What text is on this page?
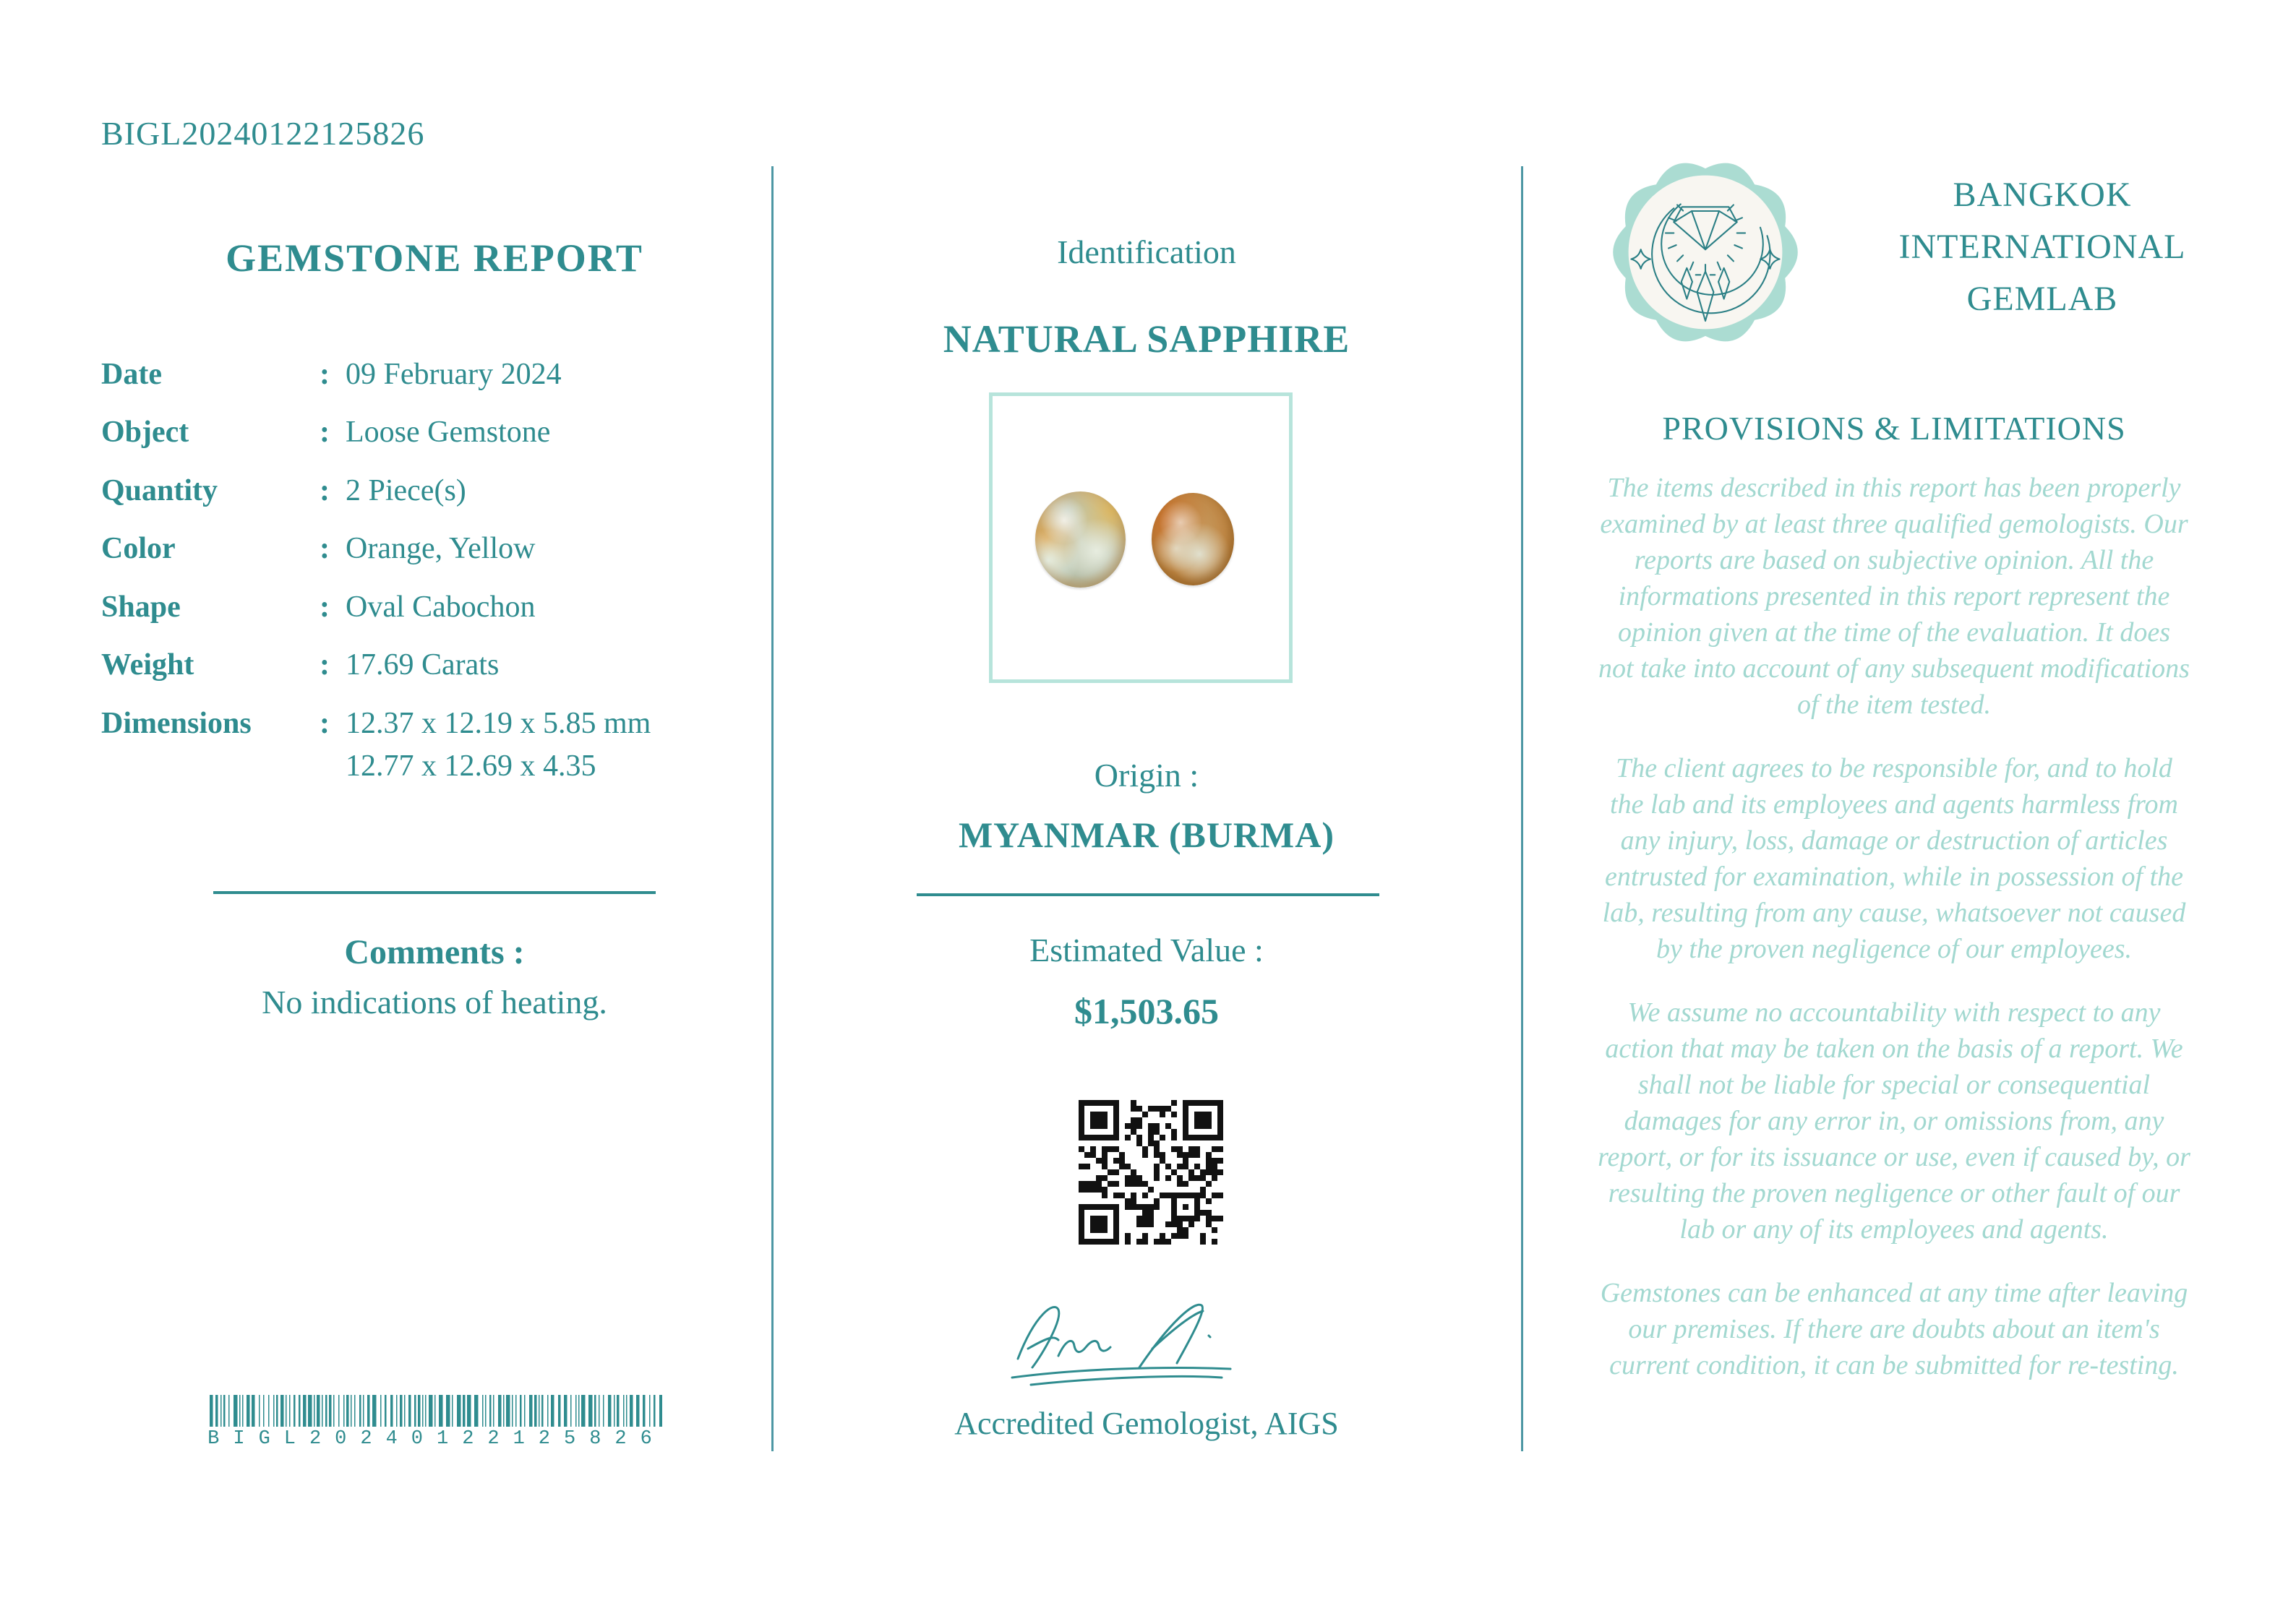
BIGL20240122125826
GEMSTONE REPORT
Date	: 09 February 2024
Object	: Loose Gemstone
Quantity	: 2 Piece(s)
Color	: Orange, Yellow
Shape	: Oval Cabochon
Weight	: 17.69 Carats
Dimensions	: 12.37 x 12.19 x 5.85 mm
12.77 x 12.69 x 4.35
Comments :
No indications of heating.
BIGL20240122125826
Identification
NATURAL SAPPHIRE
Origin :
MYANMAR (BURMA)
Estimated Value :
$1,503.65
Accredited Gemologist, AIGS
BANGKOK
INTERNATIONAL
GEMLAB
PROVISIONS & LIMITATIONS

The items described in this report has been properly examined by at least three qualified gemologists. Our reports are based on subjective opinion. All the informations presented in this report represent the opinion given at the time of the evaluation. It does not take into account of any subsequent modifications of the item tested.

The client agrees to be responsible for, and to hold the lab and its employees and agents harmless from any injury, loss, damage or destruction of articles entrusted for examination, while in possession of the lab, resulting from any cause, whatsoever not caused by the proven negligence of our employees.

We assume no accountability with respect to any action that may be taken on the basis of a report. We shall not be liable for special or consequential damages for any error in, or omissions from, any report, or for its issuance or use, even if caused by, or resulting the proven negligence or other fault of our lab or any of its employees and agents.

Gemstones can be enhanced at any time after leaving our premises. If there are doubts about an item's current condition, it can be submitted for re-testing.
